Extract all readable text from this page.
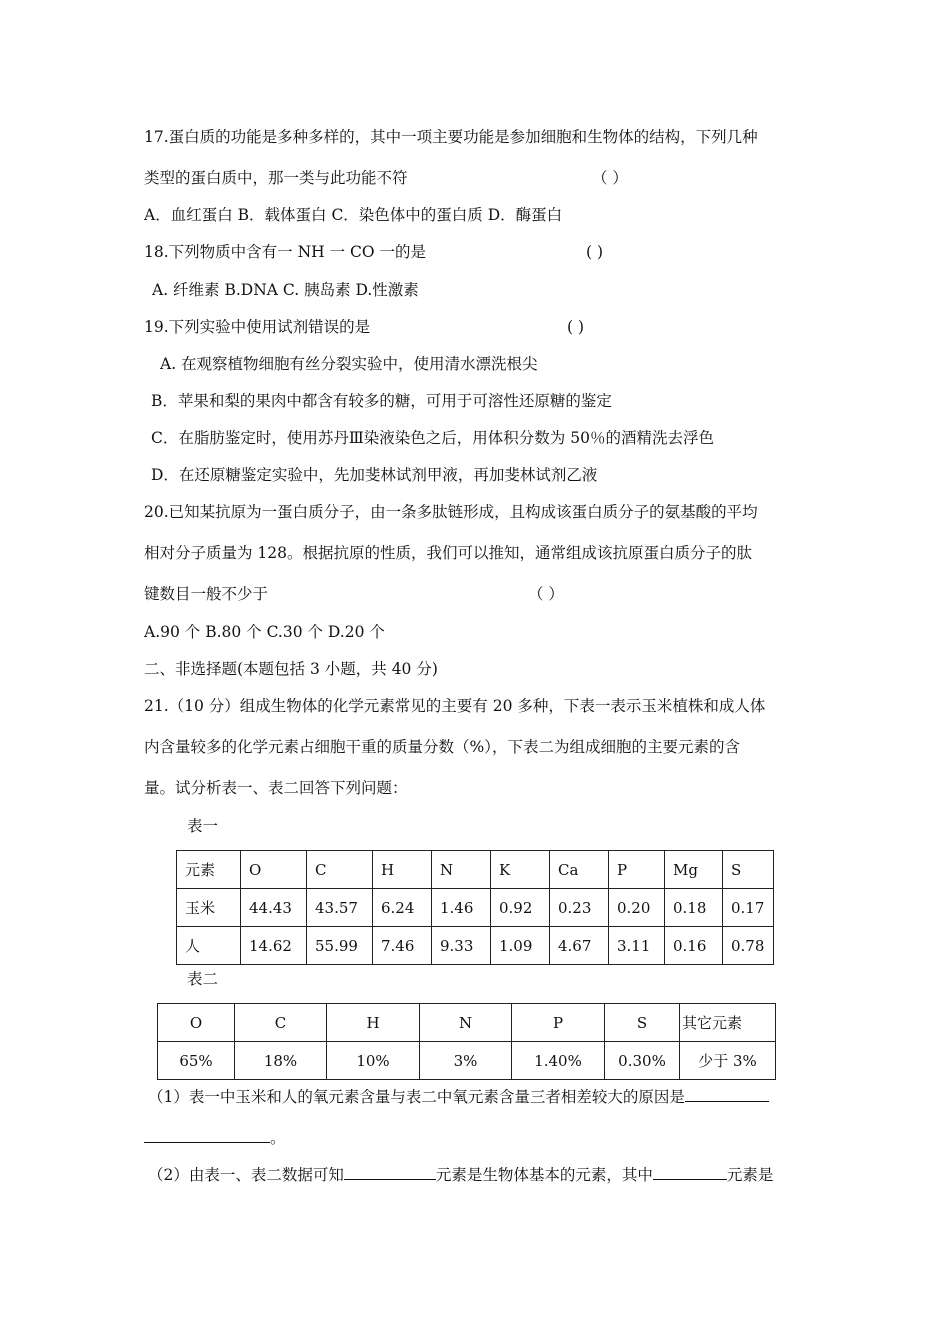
17.蛋白质的功能是多种多样的，其中一项主要功能是参加细胞和生物体的结构，下列几种
类型的蛋白质中，那一类与此功能不符	（ ）
A．血红蛋白 B．载体蛋白 C．染色体中的蛋白质 D．酶蛋白
18.下列物质中含有一 NH 一 CO 一的是	( )
A. 纤维素 B.DNA C. 胰岛素 D.性激素
19.下列实验中使用试剂错误的是	( )
A. 在观察植物细胞有丝分裂实验中，使用清水漂洗根尖
B．苹果和梨的果肉中都含有较多的糖，可用于可溶性还原糖的鉴定
C．在脂肪鉴定时，使用苏丹Ⅲ染液染色之后，用体积分数为 50％的酒精洗去浮色
D．在还原糖鉴定实验中，先加斐林试剂甲液，再加斐林试剂乙液
20.已知某抗原为一蛋白质分子，由一条多肽链形成，且构成该蛋白质分子的氨基酸的平均
相对分子质量为 128。根据抗原的性质，我们可以推知，通常组成该抗原蛋白质分子的肽
键数目一般不少于	（ ）
A.90 个 B.80 个 C.30 个 D.20 个
二、非选择题(本题包括 3 小题，共 40 分)
21.（10 分）组成生物体的化学元素常见的主要有 20 多种，下表一表示玉米植株和成人体
内含量较多的化学元素占细胞干重的质量分数（%），下表二为组成细胞的主要元素的含
量。试分析表一、表二回答下列问题：
表一
元素	O	C	H	N	K	Ca	P	Mg	S
玉米	44.43	43.57	6.24	1.46	0.92	0.23	0.20	0.18	0.17
人	14.62	55.99	7.46	9.33	1.09	4.67	3.11	0.16	0.78
表二
O	C	H	N	P	S	其它元素
65%	18%	10%	3%	1.40%	0.30%	少于 3%
（1）表一中玉米和人的氧元素含量与表二中氧元素含量三者相差较大的原因是
。
（2）由表一、表二数据可知	元素是生物体基本的元素，其中	元素是
